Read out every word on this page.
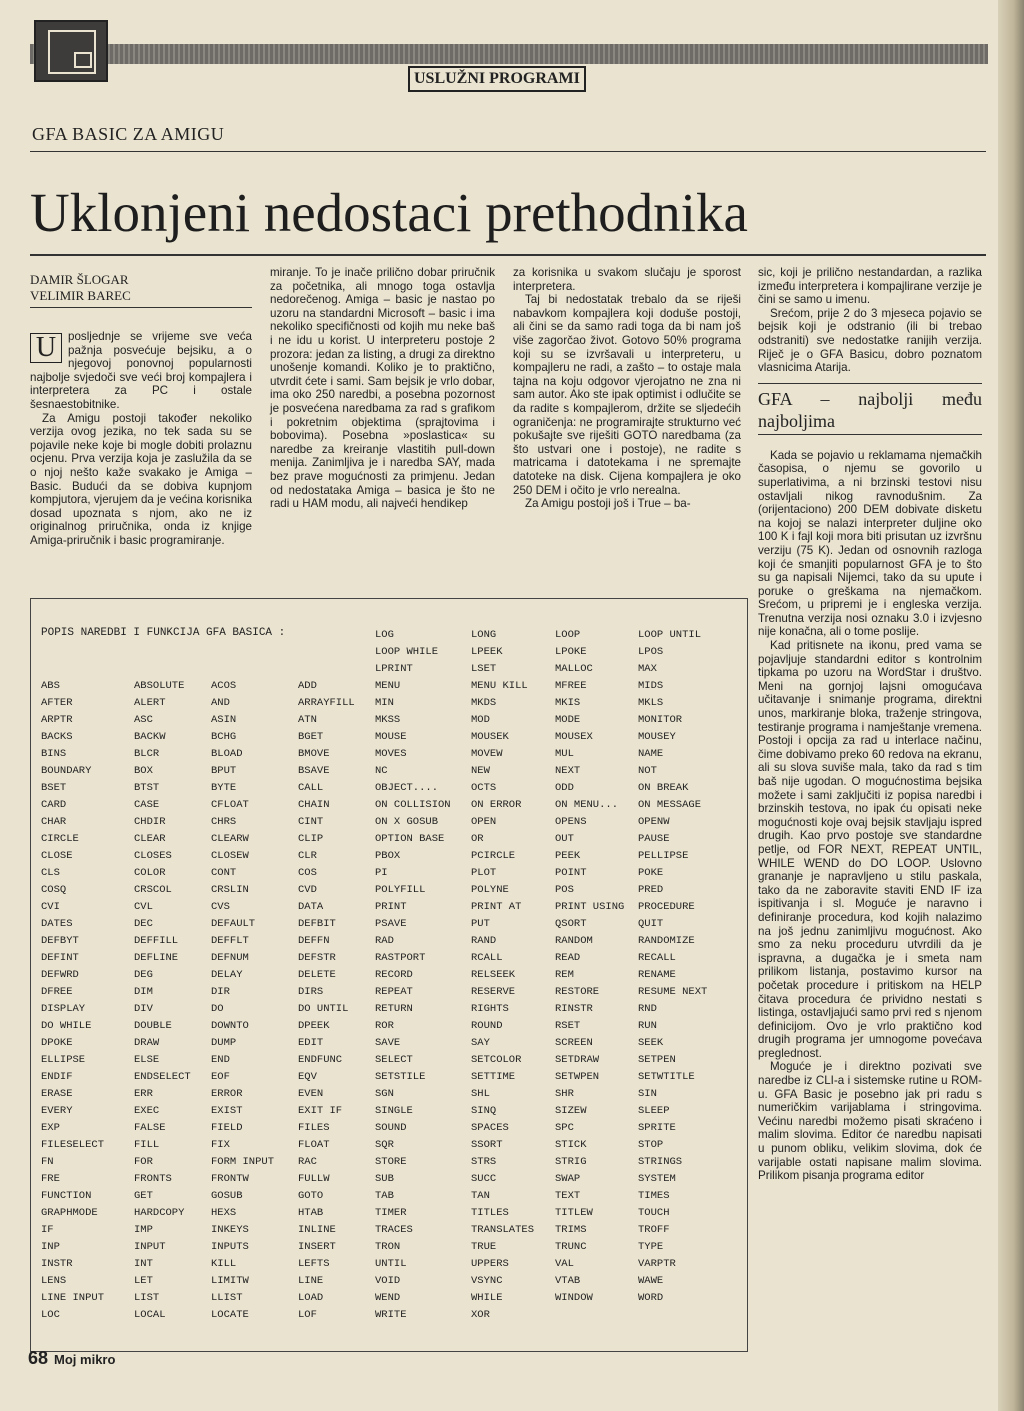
USLUŽNI PROGRAMI
GFA BASIC ZA AMIGU
Uklonjeni nedostaci prethodnika
DAMIR ŠLOGAR
VELIMIR BAREC

U	posljednje se vrijeme sve veća pažnja posvećuje bejsiku, a o njegovoj ponovnoj popularnosti najbolje svjedoči sve veći broj kompajlera i interpretera za PC i ostale šesnaestobitnike.

Za Amigu postoji također nekoliko verzija ovog jezika, no tek sada su se pojavile neke koje bi mogle dobiti prolaznu ocjenu. Prva verzija koja je zaslužila da se o njoj nešto kaže svakako je Amiga – Basic. Budući da se dobiva kupnjom kompjutora, vjerujem da je većina korisnika dosad upoznata s njom, ako ne iz originalnog priručnika, onda iz knjige Amiga-priručnik i basic programiranje.

miranje. To je inače prilično dobar priručnik za početnika, ali mnogo toga ostavlja nedorečenog. Amiga – basic je nastao po uzoru na standardni Microsoft – basic i ima nekoliko specifičnosti od kojih mu neke baš i ne idu u korist. U interpreteru postoje 2 prozora: jedan za listing, a drugi za direktno unošenje komandi. Koliko je to praktično, utvrdit ćete i sami. Sam bejsik je vrlo dobar, ima oko 250 naredbi, a posebna pozornost je posvećena naredbama za rad s grafikom i pokretnim objektima (sprajtovima i bobovima). Posebna »poslastica« su naredbe za kreiranje vlastitih pull-down menija. Zanimljiva je i naredba SAY, mada bez prave mogućnosti za primjenu. Jedan od nedostataka Amiga – basica je što ne radi u HAM modu, ali najveći hendikep

za korisnika u svakom slučaju je sporost interpretera.

Taj bi nedostatak trebalo da se riješi nabavkom kompajlera koji doduše postoji, ali čini se da samo radi toga da bi nam još više zagorčao život. Gotovo 50% programa koji su se izvršavali u interpreteru, u kompajleru ne radi, a zašto – to ostaje mala tajna na koju odgovor vjerojatno ne zna ni sam autor. Ako ste ipak optimist i odlučite se da radite s kompajlerom, držite se sljedećih ograničenja: ne programirajte strukturno već pokušajte sve riješiti GOTO naredbama (za što ustvari one i postoje), ne radite s matricama i datotekama i ne spremajte datoteke na disk. Cijena kompajlera je oko 250 DEM i očito je vrlo nerealna.

Za Amigu postoji još i True – ba-

sic, koji je prilično nestandardan, a razlika između interpretera i kompajlirane verzije je čini se samo u imenu.

Srećom, prije 2 do 3 mjeseca pojavio se bejsik koji je odstranio (ili bi trebao odstraniti) sve nedostatke ranijih verzija. Riječ je o GFA Basicu, dobro poznatom vlasnicima Atarija.

GFA – najbolji među najboljima

Kada se pojavio u reklamama njemačkih časopisa, o njemu se govorilo u superlativima, a ni brzinski testovi nisu ostavljali nikog ravnodušnim. Za (orijentaciono) 200 DEM dobivate disketu na kojoj se nalazi interpreter duljine oko 100 K i fajl koji mora biti prisutan uz izvršnu verziju (75 K). Jedan od osnovnih razloga koji će smanjiti popularnost GFA je to što su ga napisali Nijemci, tako da su upute i poruke o greškama na njemačkom. Srećom, u pripremi je i engleska verzija. Trenutna verzija nosi oznaku 3.0 i izvjesno nije konačna, ali o tome poslije.

Kad pritisnete na ikonu, pred vama se pojavljuje standardni editor s kontrolnim tipkama po uzoru na WordStar i društvo. Meni na gornjoj lajsni omogućava učitavanje i snimanje programa, direktni unos, markiranje bloka, traženje stringova, testiranje programa i namještanje vremena. Postoji i opcija za rad u interlace načinu, čime dobivamo preko 60 redova na ekranu, ali su slova suviše mala, tako da rad s tim baš nije ugodan. O mogućnostima bejsika možete i sami zaključiti iz popisa naredbi i brzinskih testova, no ipak ću opisati neke mogućnosti koje ovaj bejsik stavljaju ispred drugih. Kao prvo postoje sve standardne petlje, od FOR NEXT, REPEAT UNTIL, WHILE WEND do DO LOOP. Uslovno grananje je napravljeno u stilu paskala, tako da ne zaboravite staviti END IF iza ispitivanja i sl. Moguće je naravno i definiranje procedura, kod kojih nalazimo na još jednu zanimljivu mogućnost. Ako smo za neku proceduru utvrdili da je ispravna, a dugačka je i smeta nam prilikom listanja, postavimo kursor na početak procedure i pritiskom na HELP čitava procedura će prividno nestati s listinga, ostavljajući samo prvi red s njenom definicijom. Ovo je vrlo praktično kod drugih programa jer umnogome povećava preglednost.

Moguće je i direktno pozivati sve naredbe iz CLI-a i sistemske rutine u ROM-u. GFA Basic je posebno jak pri radu s numeričkim varijablama i stringovima. Većinu naredbi možemo pisati skraćeno i malim slovima. Editor će naredbu napisati u punom obliku, velikim slovima, dok će varijable ostati napisane malim slovima. Prilikom pisanja programa editor

POPIS NAREDBI I FUNKCIJA GFA BASICA :
ABS
AFTER
ARPTR
BACKS
BINS
BOUNDARY
BSET
CARD
CHAR
CIRCLE
CLOSE
CLS
COSQ
CVI
DATES
DEFBYT
DEFINT
DEFWRD
DFREE
DISPLAY
DO WHILE
DPOKE
ELLIPSE
ENDIF
ERASE
EVERY
EXP
FILESELECT
FN
FRE
FUNCTION
GRAPHMODE
IF
INP
INSTR
LENS
LINE INPUT
LOC
ABSOLUTE
ALERT
ASC
BACKW
BLCR
BOX
BTST
CASE
CHDIR
CLEAR
CLOSES
COLOR
CRSCOL
CVL
DEC
DEFFILL
DEFLINE
DEG
DIM
DIV
DOUBLE
DRAW
ELSE
ENDSELECT
ERR
EXEC
FALSE
FILL
FOR
FRONTS
GET
HARDCOPY
IMP
INPUT
INT
LET
LIST
LOCAL
ACOS
AND
ASIN
BCHG
BLOAD
BPUT
BYTE
CFLOAT
CHRS
CLEARW
CLOSEW
CONT
CRSLIN
CVS
DEFAULT
DEFFLT
DEFNUM
DELAY
DIR
DO
DOWNTO
DUMP
END
EOF
ERROR
EXIST
FIELD
FIX
FORM INPUT
FRONTW
GOSUB
HEXS
INKEYS
INPUTS
KILL
LIMITW
LLIST
LOCATE
ADD
ARRAYFILL
ATN
BGET
BMOVE
BSAVE
CALL
CHAIN
CINT
CLIP
CLR
COS
CVD
DATA
DEFBIT
DEFFN
DEFSTR
DELETE
DIRS
DO UNTIL
DPEEK
EDIT
ENDFUNC
EQV
EVEN
EXIT IF
FILES
FLOAT
RAC
FULLW
GOTO
HTAB
INLINE
INSERT
LEFTS
LINE
LOAD
LOF
LOG
LOOP WHILE
LPRINT
MENU
MIN
MKSS
MOUSE
MOVES
NC
OBJECT....
ON COLLISION
ON X GOSUB
OPTION BASE
PBOX
PI
POLYFILL
PRINT
PSAVE
RAD
RASTPORT
RECORD
REPEAT
RETURN
ROR
SAVE
SELECT
SETSTILE
SGN
SINGLE
SOUND
SQR
STORE
SUB
TAB
TIMER
TRACES
TRON
UNTIL
VOID
WEND
WRITE
LONG
LPEEK
LSET
MENU KILL
MKDS
MOD
MOUSEK
MOVEW
NEW
OCTS
ON ERROR
OPEN
OR
PCIRCLE
PLOT
POLYNE
PRINT AT
PUT
RAND
RCALL
RELSEEK
RESERVE
RIGHTS
ROUND
SAY
SETCOLOR
SETTIME
SHL
SINQ
SPACES
SSORT
STRS
SUCC
TAN
TITLES
TRANSLATES
TRUE
UPPERS
VSYNC
WHILE
XOR
LOOP
LPOKE
MALLOC
MFREE
MKIS
MODE
MOUSEX
MUL
NEXT
ODD
ON MENU...
OPENS
OUT
PEEK
POINT
POS
PRINT USING
QSORT
RANDOM
READ
REM
RESTORE
RINSTR
RSET
SCREEN
SETDRAW
SETWPEN
SHR
SIZEW
SPC
STICK
STRIG
SWAP
TEXT
TITLEW
TRIMS
TRUNC
VAL
VTAB
WINDOW
LOOP UNTIL
LPOS
MAX
MIDS
MKLS
MONITOR
MOUSEY
NAME
NOT
ON BREAK
ON MESSAGE
OPENW
PAUSE
PELLIPSE
POKE
PRED
PROCEDURE
QUIT
RANDOMIZE
RECALL
RENAME
RESUME NEXT
RND
RUN
SEEK
SETPEN
SETWTITLE
SIN
SLEEP
SPRITE
STOP
STRINGS
SYSTEM
TIMES
TOUCH
TROFF
TYPE
VARPTR
WAWE
WORD
68 Moj mikro
